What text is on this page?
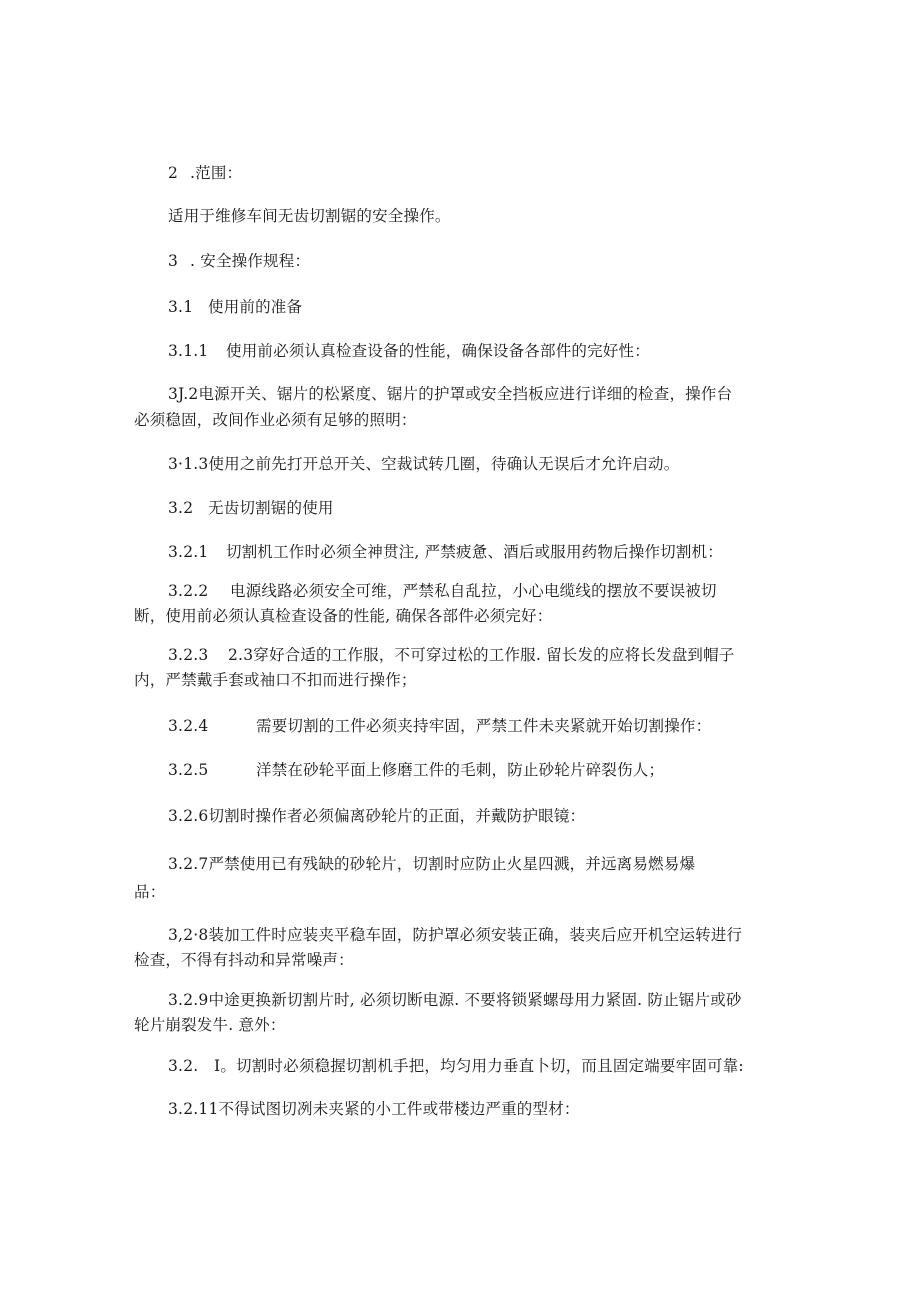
2 .范围：
适用于维修车间无齿切割锯的安全操作。
3 . 安全操作规程：
3.1 使用前的准备
3.1.1 使用前必须认真检查设备的性能，确保设备各部件的完好性：
3J.2电源开关、锯片的松紧度、锯片的护罩或安全挡板应进行详细的检查，操作台
必须稳固，改间作业必须有足够的照明：
3·1.3使用之前先打开总开关、空裁试转几圈，待确认无误后才允许启动。
3.2 无齿切割锯的使用
3.2.1 切割机工作时必须全神贯注, 严禁疲惫、酒后或服用药物后操作切割机：
3.2.2 电源线路必须安全可维，严禁私自乱拉，小心电缆线的摆放不要误被切
断，使用前必须认真检查设备的性能, 确保各部件必须完好：
3.2.3 2.3穿好合适的工作服，不可穿过松的工作服. 留长发的应将长发盘到帽子
内，严禁戴手套或袖口不扣而进行操作；
3.2.4	需要切割的工件必须夹持牢固，严禁工件未夹紧就开始切割操作：
3.2.5	洋禁在砂轮平面上修磨工件的毛刺，防止砂轮片碎裂伤人；
3.2.6切割时操作者必须偏离砂轮片的正面，并戴防护眼镜：
3.2.7严禁使用已有残缺的砂轮片，切割时应防止火星四溅，并远离易燃易爆
品：
3,2·8装加工件时应装夹平稳车固，防护罩必须安装正确，装夹后应开机空运转进行
检查，不得有抖动和异常噪声：
3.2.9中途更换新切割片时, 必须切断电源. 不要将锁紧螺母用力紧固. 防止锯片或砂
轮片崩裂发牛. 意外：
3.2. I。切割时必须稳握切割机手把，均匀用力垂直卜切，而且固定端要牢固可靠:
3.2.11不得试图切冽未夹紧的小工件或带楼边严重的型材：
